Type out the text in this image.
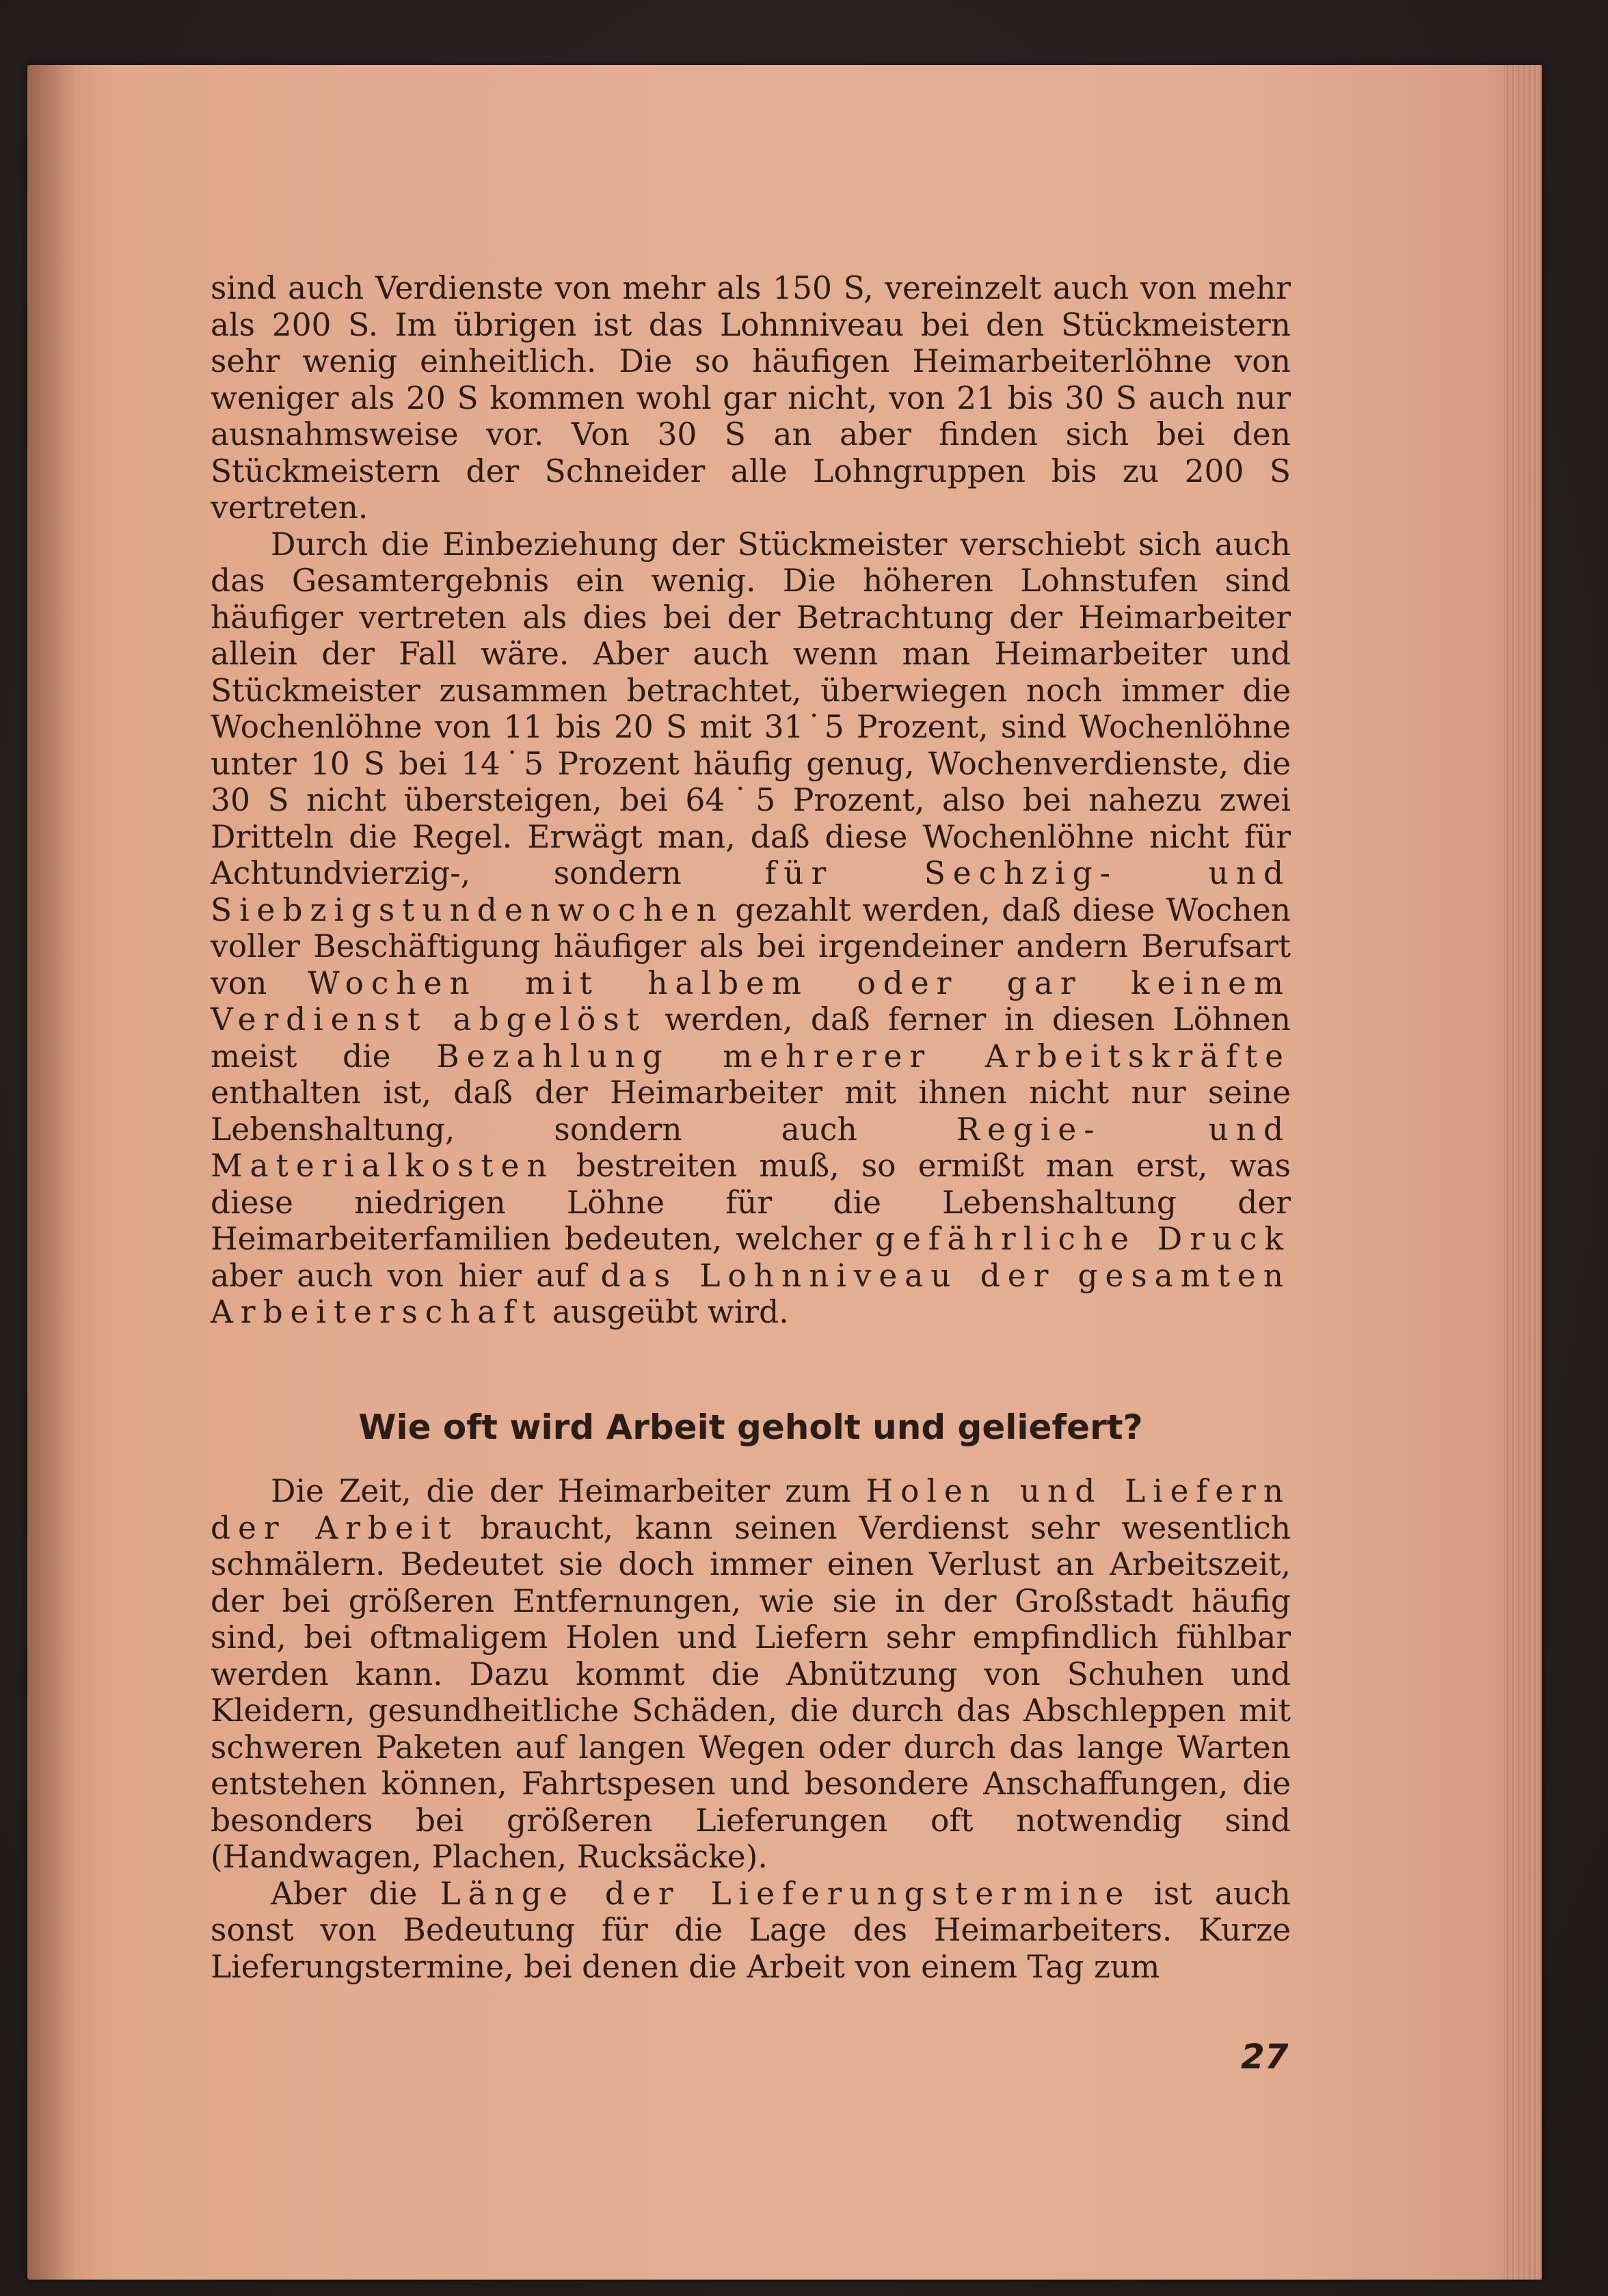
sind auch Verdienste von mehr als 150 S, vereinzelt auch von mehr als 200 S. Im übrigen ist das Lohnniveau bei den Stückmeistern sehr wenig einheitlich. Die so häufigen Heimarbeiterlöhne von weniger als 20 S kommen wohl gar nicht, von 21 bis 30 S auch nur ausnahmsweise vor. Von 30 S an aber finden sich bei den Stückmeistern der Schneider alle Lohngruppen bis zu 200 S vertreten.

Durch die Einbeziehung der Stückmeister verschiebt sich auch das Gesamtergebnis ein wenig. Die höheren Lohnstufen sind häufiger vertreten als dies bei der Betrachtung der Heimarbeiter allein der Fall wäre. Aber auch wenn man Heimarbeiter und Stückmeister zusammen betrachtet, überwiegen noch immer die Wochenlöhne von 11 bis 20 S mit 31˙5 Prozent, sind Wochenlöhne unter 10 S bei 14˙5 Prozent häufig genug, Wochenverdienste, die 30 S nicht übersteigen, bei 64˙5 Prozent, also bei nahezu zwei Dritteln die Regel. Erwägt man, daß diese Wochenlöhne nicht für Achtundvierzig-, sondern für Sechzig- und Siebzigstundenwochen gezahlt werden, daß diese Wochen voller Beschäftigung häufiger als bei irgendeiner andern Berufsart von Wochen mit halbem oder gar keinem Verdienst abgelöst werden, daß ferner in diesen Löhnen meist die Bezahlung mehrerer Arbeitskräfte enthalten ist, daß der Heimarbeiter mit ihnen nicht nur seine Lebenshaltung, sondern auch Regie- und Materialkosten bestreiten muß, so ermißt man erst, was diese niedrigen Löhne für die Lebenshaltung der Heimarbeiterfamilien bedeuten, welcher gefährliche Druck aber auch von hier auf das Lohnniveau der gesamten Arbeiterschaft ausgeübt wird.

Wie oft wird Arbeit geholt und geliefert?

Die Zeit, die der Heimarbeiter zum Holen und Liefern der Arbeit braucht, kann seinen Verdienst sehr wesentlich schmälern. Bedeutet sie doch immer einen Verlust an Arbeitszeit, der bei größeren Entfernungen, wie sie in der Großstadt häufig sind, bei oftmaligem Holen und Liefern sehr empfindlich fühlbar werden kann. Dazu kommt die Abnützung von Schuhen und Kleidern, gesundheitliche Schäden, die durch das Abschleppen mit schweren Paketen auf langen Wegen oder durch das lange Warten entstehen können, Fahrtspesen und besondere Anschaffungen, die besonders bei größeren Lieferungen oft notwendig sind (Handwagen, Plachen, Rucksäcke).

Aber die Länge der Lieferungstermine ist auch sonst von Bedeutung für die Lage des Heimarbeiters. Kurze Lieferungstermine, bei denen die Arbeit von einem Tag zum

27
